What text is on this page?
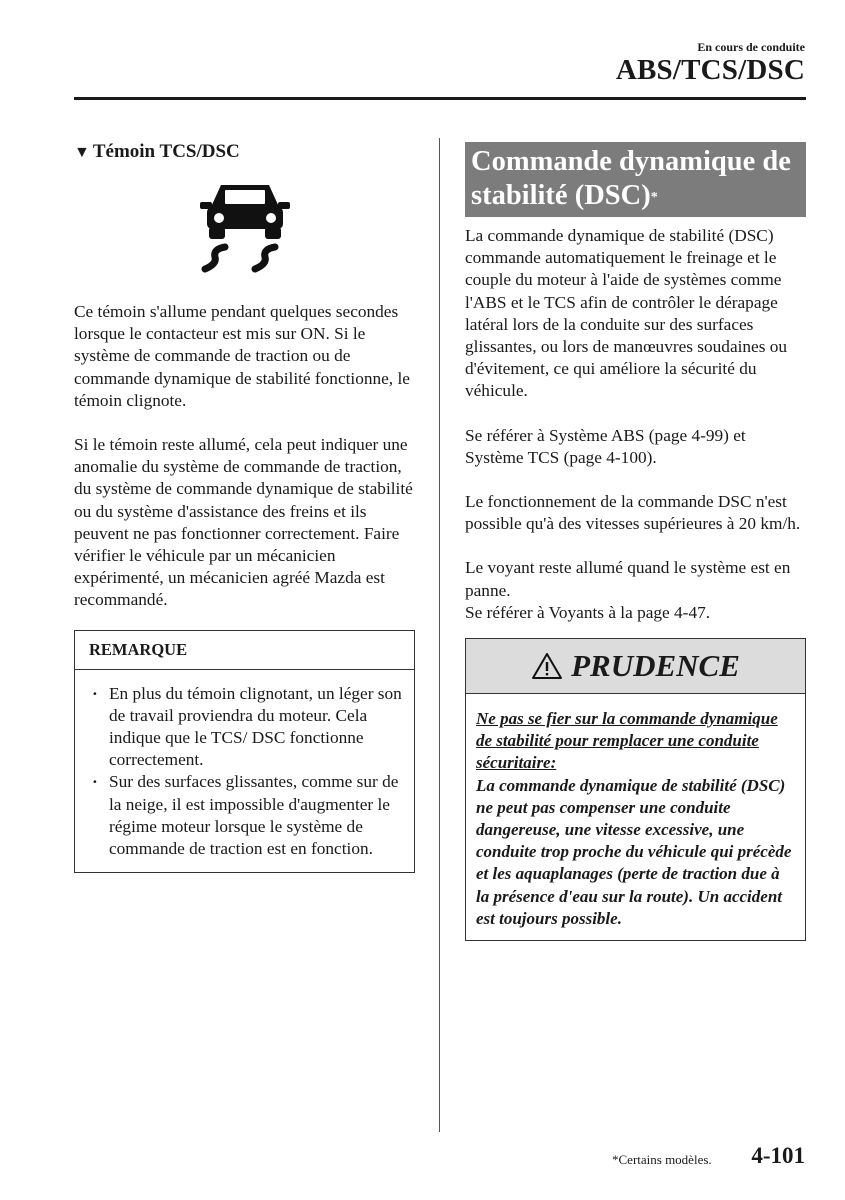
En cours de conduite
ABS/TCS/DSC
▼ Témoin TCS/DSC

Ce témoin s'allume pendant quelques secondes lorsque le contacteur est mis sur ON. Si le système de commande de traction ou de commande dynamique de stabilité fonctionne, le témoin clignote.

Si le témoin reste allumé, cela peut indiquer une anomalie du système de commande de traction, du système de commande dynamique de stabilité ou du système d'assistance des freins et ils peuvent ne pas fonctionner correctement. Faire vérifier le véhicule par un mécanicien expérimenté, un mécanicien agréé Mazda est recommandé.

REMARQUE
· En plus du témoin clignotant, un léger son de travail proviendra du moteur. Cela indique que le TCS/ DSC fonctionne correctement.
· Sur des surfaces glissantes, comme sur de la neige, il est impossible d'augmenter le régime moteur lorsque le système de commande de traction est en fonction.
Commande dynamique de stabilité (DSC)*

La commande dynamique de stabilité (DSC) commande automatiquement le freinage et le couple du moteur à l'aide de systèmes comme l'ABS et le TCS afin de contrôler le dérapage latéral lors de la conduite sur des surfaces glissantes, ou lors de manœuvres soudaines ou d'évitement, ce qui améliore la sécurité du véhicule.

Se référer à Système ABS (page 4-99) et Système TCS (page 4-100).

Le fonctionnement de la commande DSC n'est possible qu'à des vitesses supérieures à 20 km/h.

Le voyant reste allumé quand le système est en panne.
Se référer à Voyants à la page 4-47.

PRUDENCE
Ne pas se fier sur la commande dynamique de stabilité pour remplacer une conduite sécuritaire:
La commande dynamique de stabilité (DSC) ne peut pas compenser une conduite dangereuse, une vitesse excessive, une conduite trop proche du véhicule qui précède et les aquaplanages (perte de traction due à la présence d'eau sur la route). Un accident est toujours possible.
*Certains modèles. 4-101
